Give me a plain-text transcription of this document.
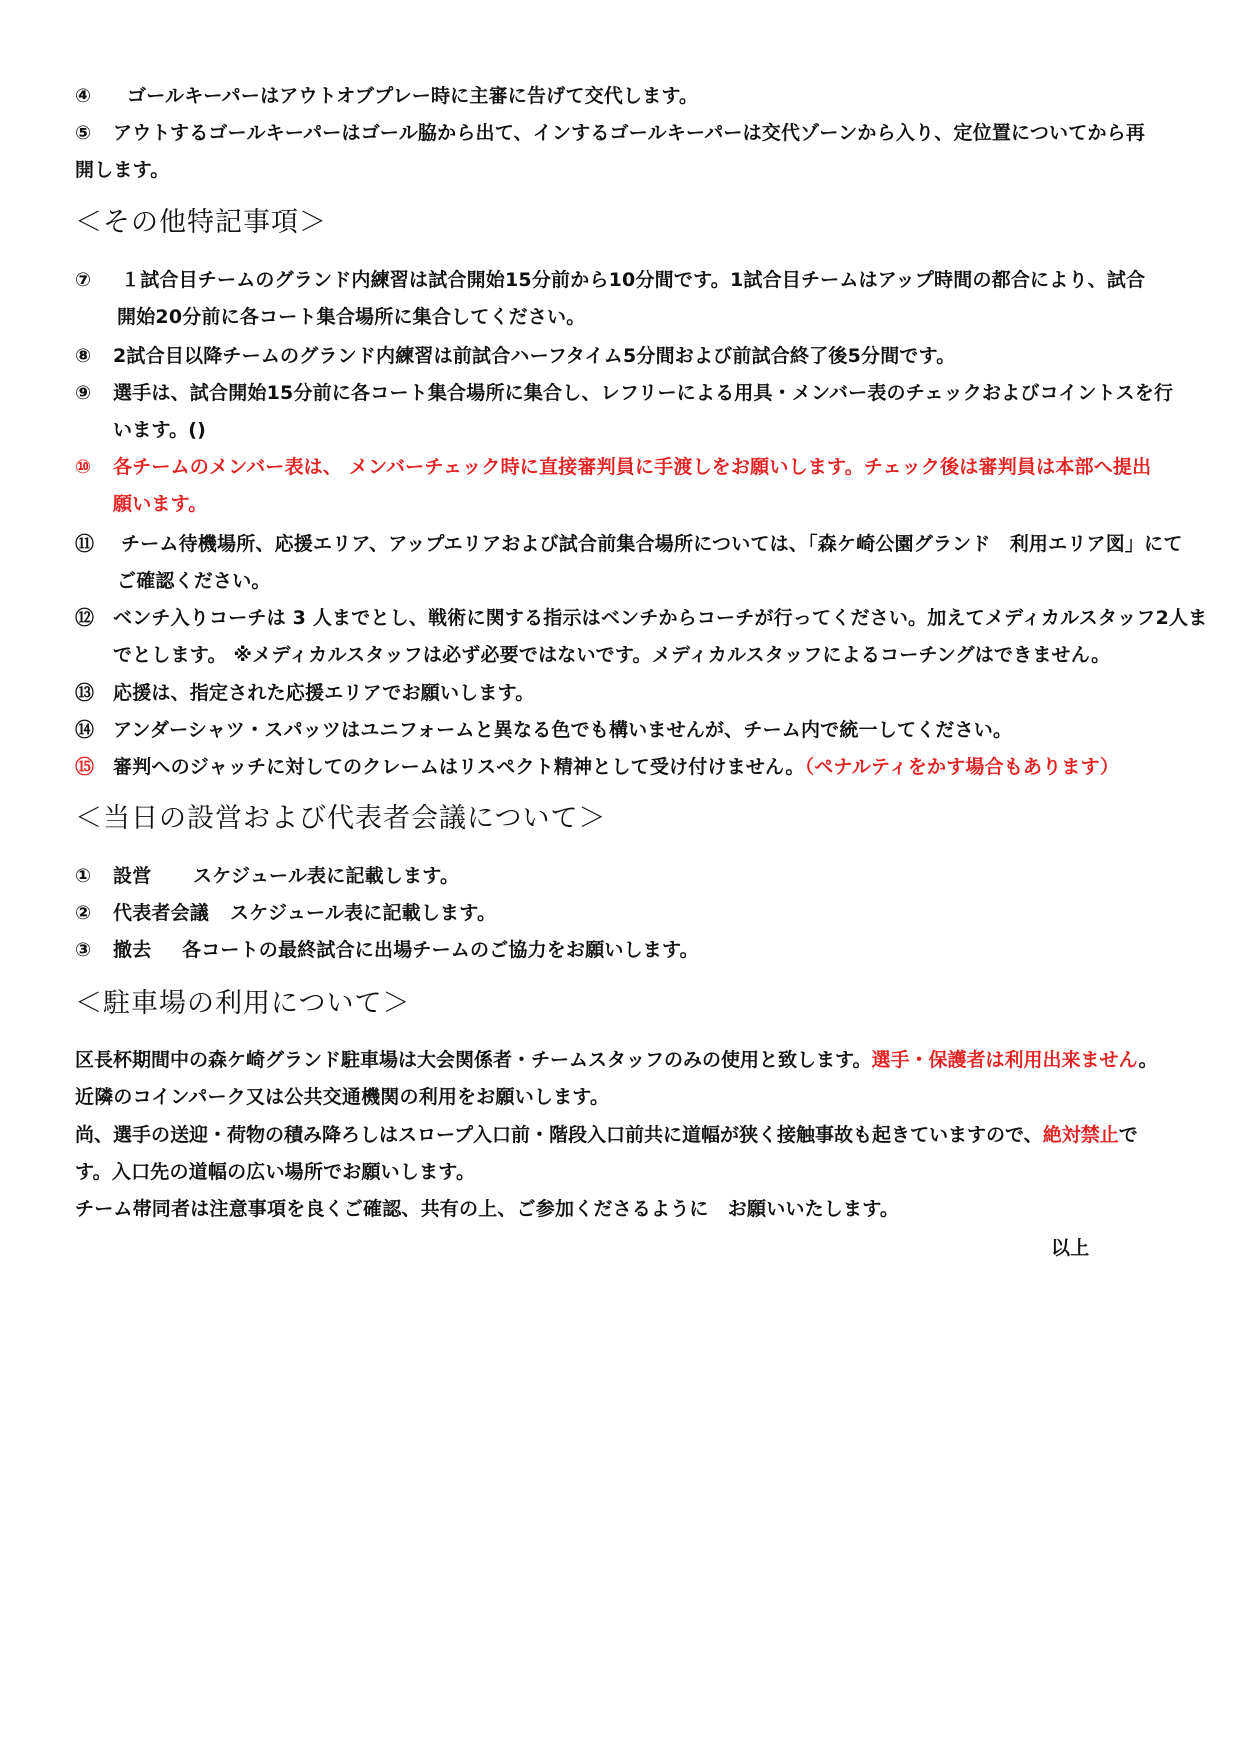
④ ゴールキーパーはアウトオブプレー時に主審に告げて交代します。
⑤ アウトするゴールキーパーはゴール脇から出て、インするゴールキーパーは交代ゾーンから入り、定位置についてから再
開します。
＜その他特記事項＞
⑦ １試合目チームのグランド内練習は試合開始15分前から10分間です。1試合目チームはアップ時間の都合により、試合
開始20分前に各コート集合場所に集合してください。
⑧ 2試合目以降チームのグランド内練習は前試合ハーフタイム5分間および前試合終了後5分間です。
⑨ 選手は、試合開始15分前に各コート集合場所に集合し、レフリーによる用具・メンバー表のチェックおよびコイントスを行
います。()
⑩ 各チームのメンバー表は、 メンバーチェック時に直接審判員に手渡しをお願いします。チェック後は審判員は本部へ提出
願います。
⑪ チーム待機場所、応援エリア、アップエリアおよび試合前集合場所については、「森ケ崎公園グランド　利用エリア図」にて
ご確認ください。
⑫ ベンチ入りコーチは 3 人までとし、戦術に関する指示はベンチからコーチが行ってください。加えてメディカルスタッフ2人ま
でとします。 ※メディカルスタッフは必ず必要ではないです。メディカルスタッフによるコーチングはできません。
⑬ 応援は、指定された応援エリアでお願いします。
⑭ アンダーシャツ・スパッツはユニフォームと異なる色でも構いませんが、チーム内で統一してください。
⑮ 審判へのジャッチに対してのクレームはリスペクト精神として受け付けません。（ペナルティをかす場合もあります）
＜当日の設営および代表者会議について＞
① 設営 スケジュール表に記載します。
② 代表者会議 スケジュール表に記載します。
③ 撤去 各コートの最終試合に出場チームのご協力をお願いします。
＜駐車場の利用について＞
区長杯期間中の森ケ崎グランド駐車場は大会関係者・チームスタッフのみの使用と致します。選手・保護者は利用出来ません。
近隣のコインパーク又は公共交通機関の利用をお願いします。
尚、選手の送迎・荷物の積み降ろしはスロープ入口前・階段入口前共に道幅が狭く接触事故も起きていますので、絶対禁止で
す。入口先の道幅の広い場所でお願いします。
チーム帯同者は注意事項を良くご確認、共有の上、ご参加くださるように　お願いいたします。
以上
